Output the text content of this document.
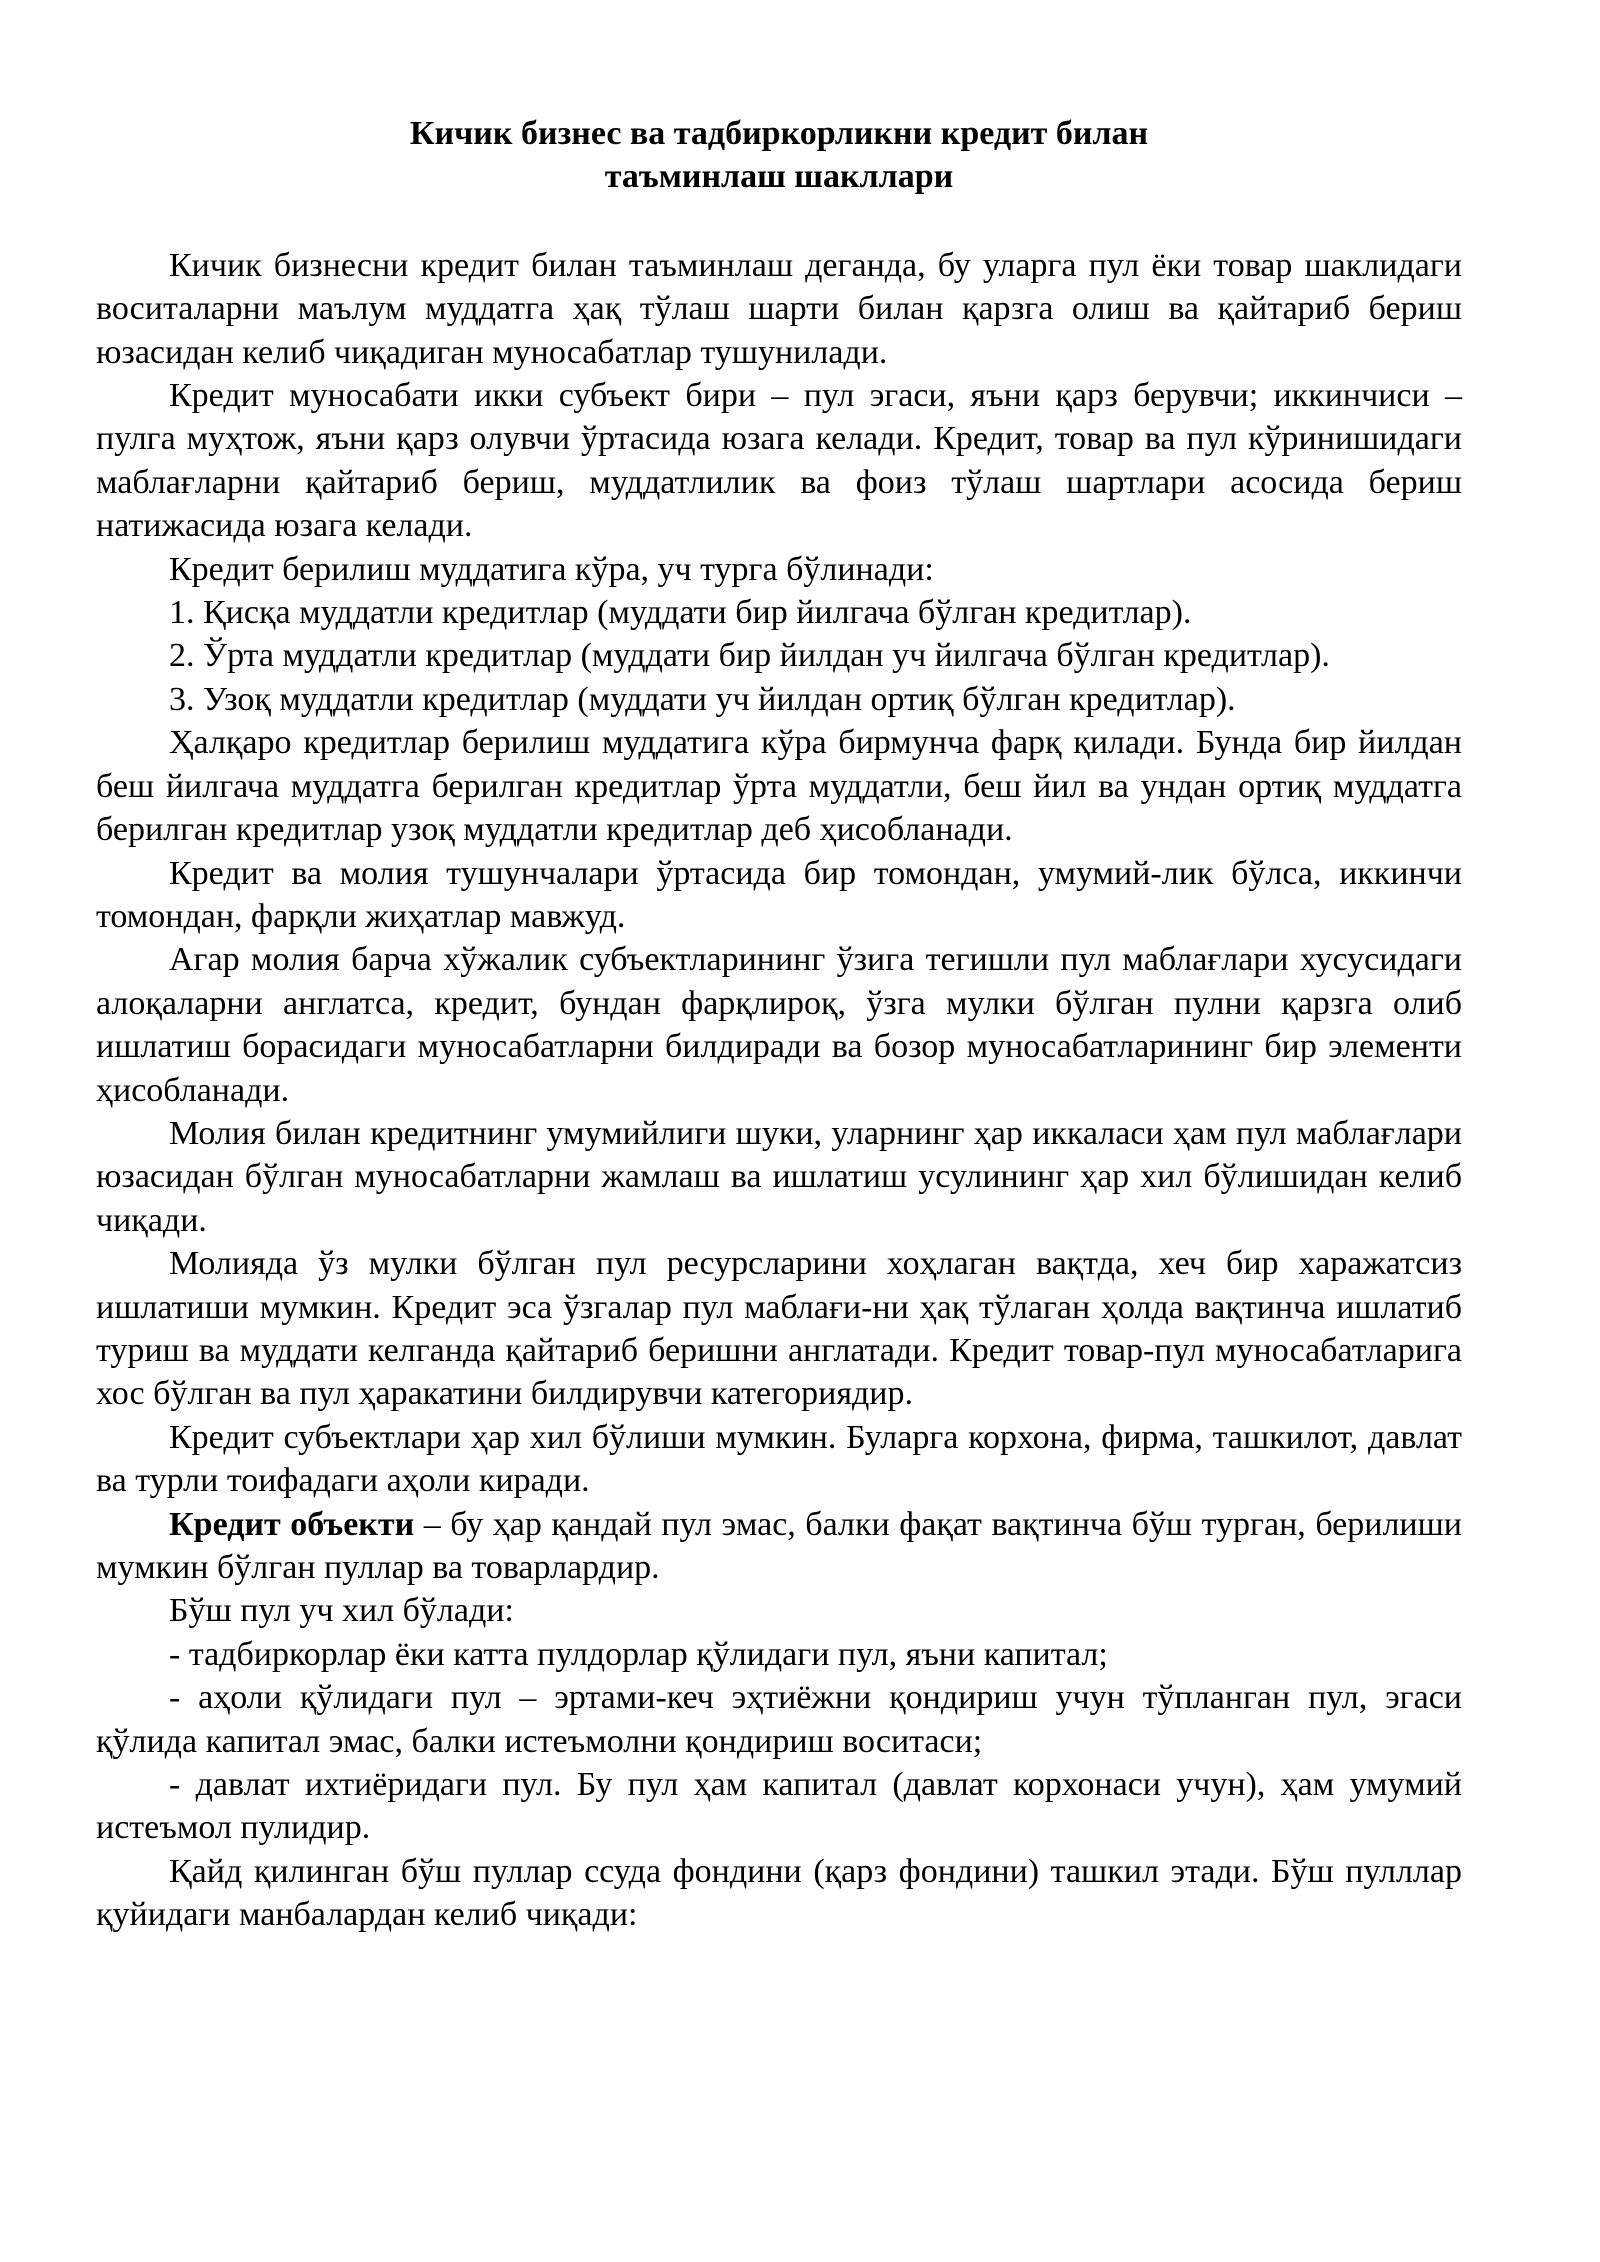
Кичик бизнес ва тадбиркорликни кредит билан
таъминлаш шакллари

Кичик бизнесни кредит билан таъминлаш деганда, бу уларга пул ёки товар шаклидаги воситаларни маълум муддатга ҳақ тўлаш шарти билан қарзга олиш ва қайтариб бериш юзасидан келиб чиқадиган муносабатлар тушунилади.

Кредит муносабати икки субъект бири – пул эгаси, яъни қарз берувчи; иккинчиси – пулга муҳтож, яъни қарз олувчи ўртасида юзага келади. Кредит, товар ва пул кўринишидаги маблағларни қайтариб бериш, муддатлилик ва фоиз тўлаш шартлари асосида бериш натижасида юзага келади.

Кредит берилиш муддатига кўра, уч турга бўлинади:

1. Қисқа муддатли кредитлар (муддати бир йилгача бўлган кредитлар).

2. Ўрта муддатли кредитлар (муддати бир йилдан уч йилгача бўлган кредитлар).

3. Узоқ муддатли кредитлар (муддати уч йилдан ортиқ бўлган кредитлар).

Ҳалқаро кредитлар берилиш муддатига кўра бирмунча фарқ қилади. Бунда бир йилдан беш йилгача муддатга берилган кредитлар ўрта муддатли, беш йил ва ундан ортиқ муддатга берилган кредитлар узоқ муддатли кредитлар деб ҳисобланади.

Кредит ва молия тушунчалари ўртасида бир томондан, умумий-лик бўлса, иккинчи томондан, фарқли жиҳатлар мавжуд.

Агар молия барча хўжалик субъектларининг ўзига тегишли пул маблағлари хусусидаги алоқаларни англатса, кредит, бундан фарқлироқ, ўзга мулки бўлган пулни қарзга олиб ишлатиш борасидаги муносабатларни билдиради ва бозор муносабатларининг бир элементи ҳисобланади.

Молия билан кредитнинг умумийлиги шуки, уларнинг ҳар иккаласи ҳам пул маблағлари юзасидан бўлган муносабатларни жамлаш ва ишлатиш усулининг ҳар хил бўлишидан келиб чиқади.

Молияда ўз мулки бўлган пул ресурсларини хоҳлаган вақтда, хеч бир харажатсиз ишлатиши мумкин. Кредит эса ўзгалар пул маблағи-ни ҳақ тўлаган ҳолда вақтинча ишлатиб туриш ва муддати келганда қайтариб беришни англатади. Кредит товар-пул муносабатларига хос бўлган ва пул ҳаракатини билдирувчи категориядир.

Кредит субъектлари ҳар хил бўлиши мумкин. Буларга корхона, фирма, ташкилот, давлат ва турли тоифадаги аҳоли киради.

Кредит объекти – бу ҳар қандай пул эмас, балки фақат вақтинча бўш турган, берилиши мумкин бўлган пуллар ва товарлардир.

Бўш пул уч хил бўлади:

- тадбиркорлар ёки катта пулдорлар қўлидаги пул, яъни капитал;

- аҳоли қўлидаги пул – эртами-кеч эҳтиёжни қондириш учун тўпланган пул, эгаси қўлида капитал эмас, балки истеъмолни қондириш воситаси;

- давлат ихтиёридаги пул. Бу пул ҳам капитал (давлат корхонаси учун), ҳам умумий истеъмол пулидир.

Қайд қилинган бўш пуллар ссуда фондини (қарз фондини) ташкил этади. Бўш пулллар қуйидаги манбалардан келиб чиқади:
